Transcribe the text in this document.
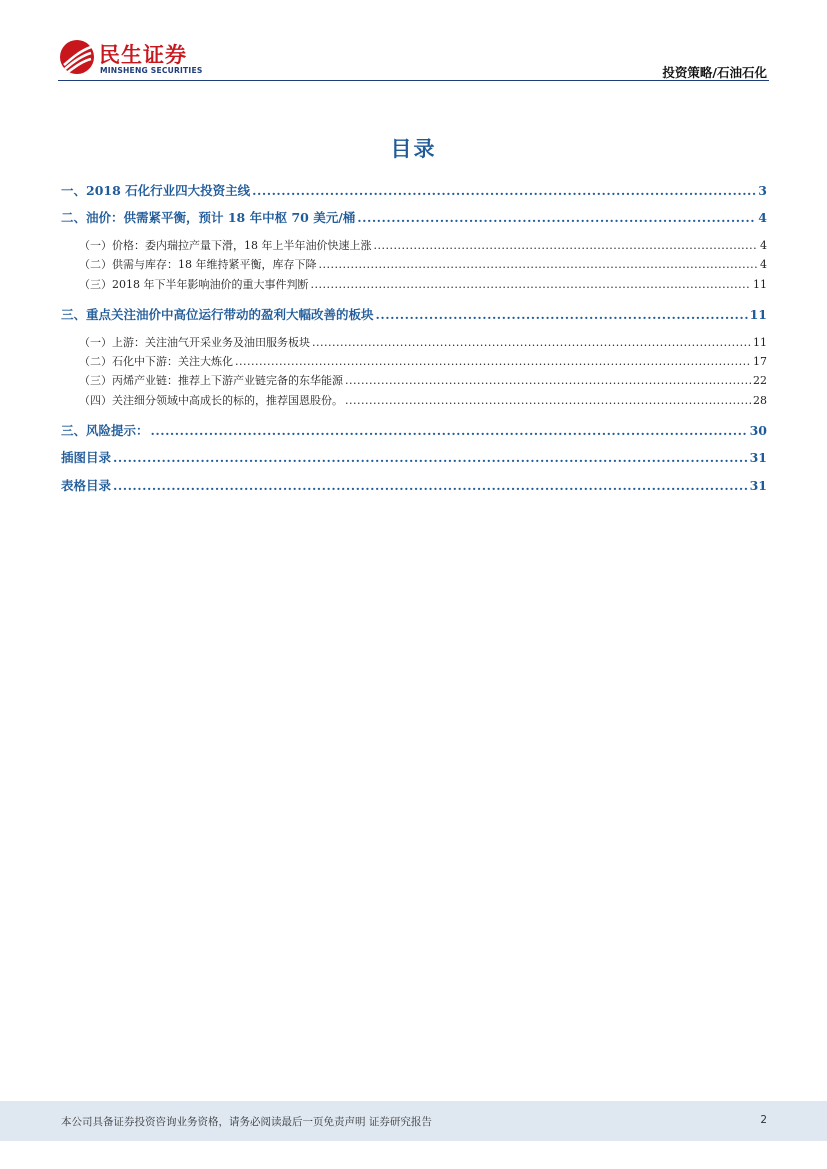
民生证券
MINSHENG SECURITIES	投资策略/石油石化
目录
一、2018 石化行业四大投资主线 .....	3
二、油价：供需紧平衡，预计 18 年中枢 70 美元/桶 .....	4
（一）价格：委内瑞拉产量下滑，18 年上半年油价快速上涨 .....	4
（二）供需与库存：18 年维持紧平衡，库存下降 .....	4
（三）2018 年下半年影响油价的重大事件判断 .....	11
三、重点关注油价中高位运行带动的盈利大幅改善的板块 .....	11
（一）上游：关注油气开采业务及油田服务板块 .....	11
（二）石化中下游：关注大炼化 .....	17
（三）丙烯产业链：推荐上下游产业链完备的东华能源 .....	22
（四）关注细分领域中高成长的标的，推荐国恩股份。 .....	28
三、风险提示： .....	30
插图目录 .....	31
表格目录 .....	31
本公司具备证券投资咨询业务资格，请务必阅读最后一页免责声明 证券研究报告	2
